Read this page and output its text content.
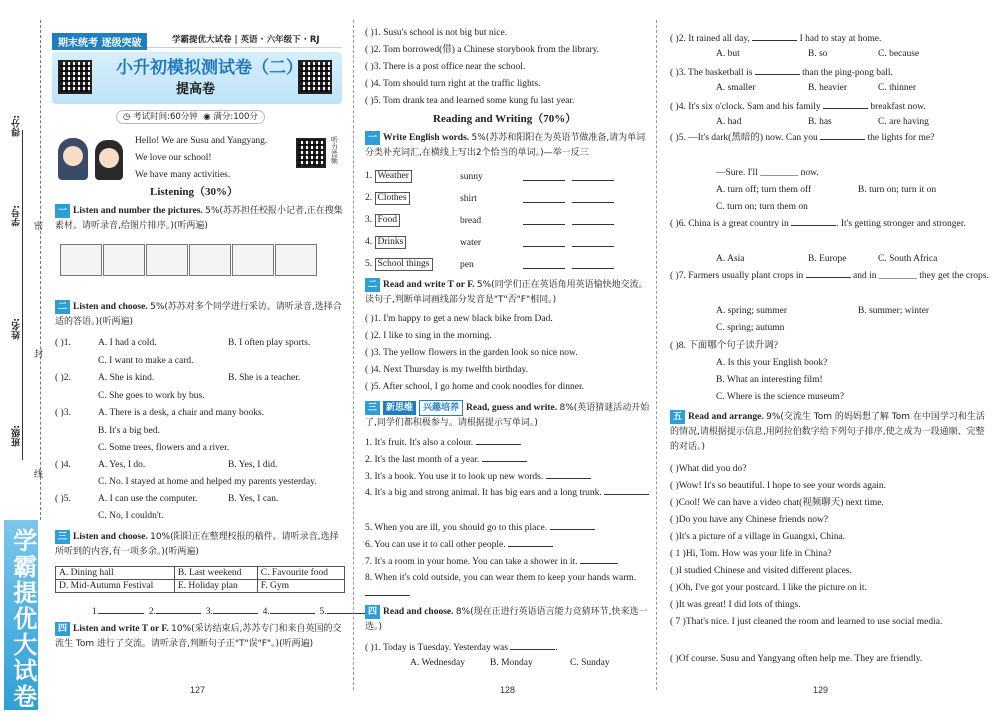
学霸提优大试卷
得分:
学号:
姓名:
班级:
密
封
线
期末统考 逐级突破	学霸提优大试卷 | 英语 · 六年级下 · RJ
小升初模拟测试卷（二）
提高卷
◷ 考试时间:60分钟 ◉ 满分:100分
Hello! We are Susu and Yangyang.
We love our school!
We have many activities.
听力音频
Listening（30%）
一 Listen and number the pictures. 5%(苏苏担任校报小记者,正在搜集素材。请听录音,给图片排序。)(听两遍)
二 Listen and choose. 5%(苏苏对多个同学进行采访。请听录音,选择合适的答语。)(听两遍)
( )1.	A. I had a cold.	B. I often play sports.
C. I want to make a card.
( )2.	A. She is kind.	B. She is a teacher.
C. She goes to work by bus.
( )3.	A. There is a desk, a chair and many books.
B. It's a big bed.
C. Some trees, flowers and a river.
( )4.	A. Yes, I do.	B. Yes, I did.
C. No. I stayed at home and helped my parents yesterday.
( )5.	A. I can use the computer.	B. Yes, I can.
C. No, I couldn't.
三 Listen and choose. 10%(阳阳正在整理校报的稿件。请听录音,选择所听到的内容,有一项多余。)(听两遍)
A. Dining hall	B. Last weekend	C. Favourite food
D. Mid-Autumn Festival	E. Holiday plan	F. Gym
1.	2.	3.	4.	5.
四 Listen and write T or F. 10%(采访结束后,苏苏专门和来自英国的交流生 Tom 进行了交流。请听录音,判断句子正"T"误"F"。)(听两遍)
127
( )1. Susu's school is not big but nice.
( )2. Tom borrowed(借) a Chinese storybook from the library.
( )3. There is a post office near the school.
( )4. Tom should turn right at the traffic lights.
( )5. Tom drank tea and learned some kung fu last year.
Reading and Writing（70%）
一 Write English words. 5%(苏苏和阳阳在为英语节做准备,请为单词分类补充词汇,在横线上写出2个恰当的单词。)—举一反三
1. Weather	sunny

2. Clothes	shirt

3. Food	bread

4. Drinks	water

5. School things	pen

二 Read and write T or F. 5%(同学们正在英语角用英语愉快地交流。读句子,判断单词画线部分发音是"T"否"F"相同。)
( )1. I'm happy to get a new black bike from Dad.
( )2. I like to sing in the morning.
( )3. The yellow flowers in the garden look so nice now.
( )4. Next Thursday is my twelfth birthday.
( )5. After school, I go home and cook noodles for dinner.
三 新思维 兴趣培养 Read, guess and write. 8%(英语猜谜活动开始了,同学们都积极参与。请根据提示写单词。)
1. It's fruit. It's also a colour.
2. It's the last month of a year.
3. It's a book. You use it to look up new words.
4. It's a big and strong animal. It has big ears and a long trunk.
5. When you are ill, you should go to this place.
6. You can use it to call other people.
7. It's a room in your home. You can take a shower in it.
8. When it's cold outside, you can wear them to keep your hands warm.
四 Read and choose. 8%(现在正进行英语语言能力竞猜环节,快来选一选。)
( )1. Today is Tuesday. Yesterday was	.
A. Wednesday	B. Monday	C. Sunday
128
( )2. It rained all day,	I had to stay at home.
A. but	B. so	C. because
( )3. The basketball is	than the ping-pong ball.
A. smaller	B. heavier	C. thinner
( )4. It's six o'clock. Sam and his family	breakfast now.
A. had	B. has	C. are having
( )5. —It's dark(黑暗的) now. Can you	the lights for me?
—Sure. I'll ________ now.
A. turn off; turn them off	B. turn on; turn it on
C. turn on; turn them on
( )6. China is a great country in	. It's getting stronger and stronger.
A. Asia	B. Europe	C. South Africa
( )7. Farmers usually plant crops in	and in ________ they get the crops.
A. spring; summer	B. summer; winter
C. spring; autumn
( )8. 下面哪个句子读升调?
A. Is this your English book?
B. What an interesting film!
C. Where is the science museum?
五 Read and arrange. 9%(交流生 Tom 的妈妈想了解 Tom 在中国学习和生活的情况,请根据提示信息,用阿拉伯数字给下列句子排序,使之成为一段通顺、完整的对话。)
( )What did you do?
( )Wow! It's so beautiful. I hope to see your words again.
( )Cool! We can have a video chat(视频聊天) next time.
( )Do you have any Chinese friends now?
( )It's a picture of a village in Guangxi, China.
( 1 )Hi, Tom. How was your life in China?
( )I studied Chinese and visited different places.
( )Oh, I've got your postcard. I like the picture on it.
( )It was great! I did lots of things.
( 7 )That's nice. I just cleaned the room and learned to use social media.
( )Of course. Susu and Yangyang often help me. They are friendly.
129
